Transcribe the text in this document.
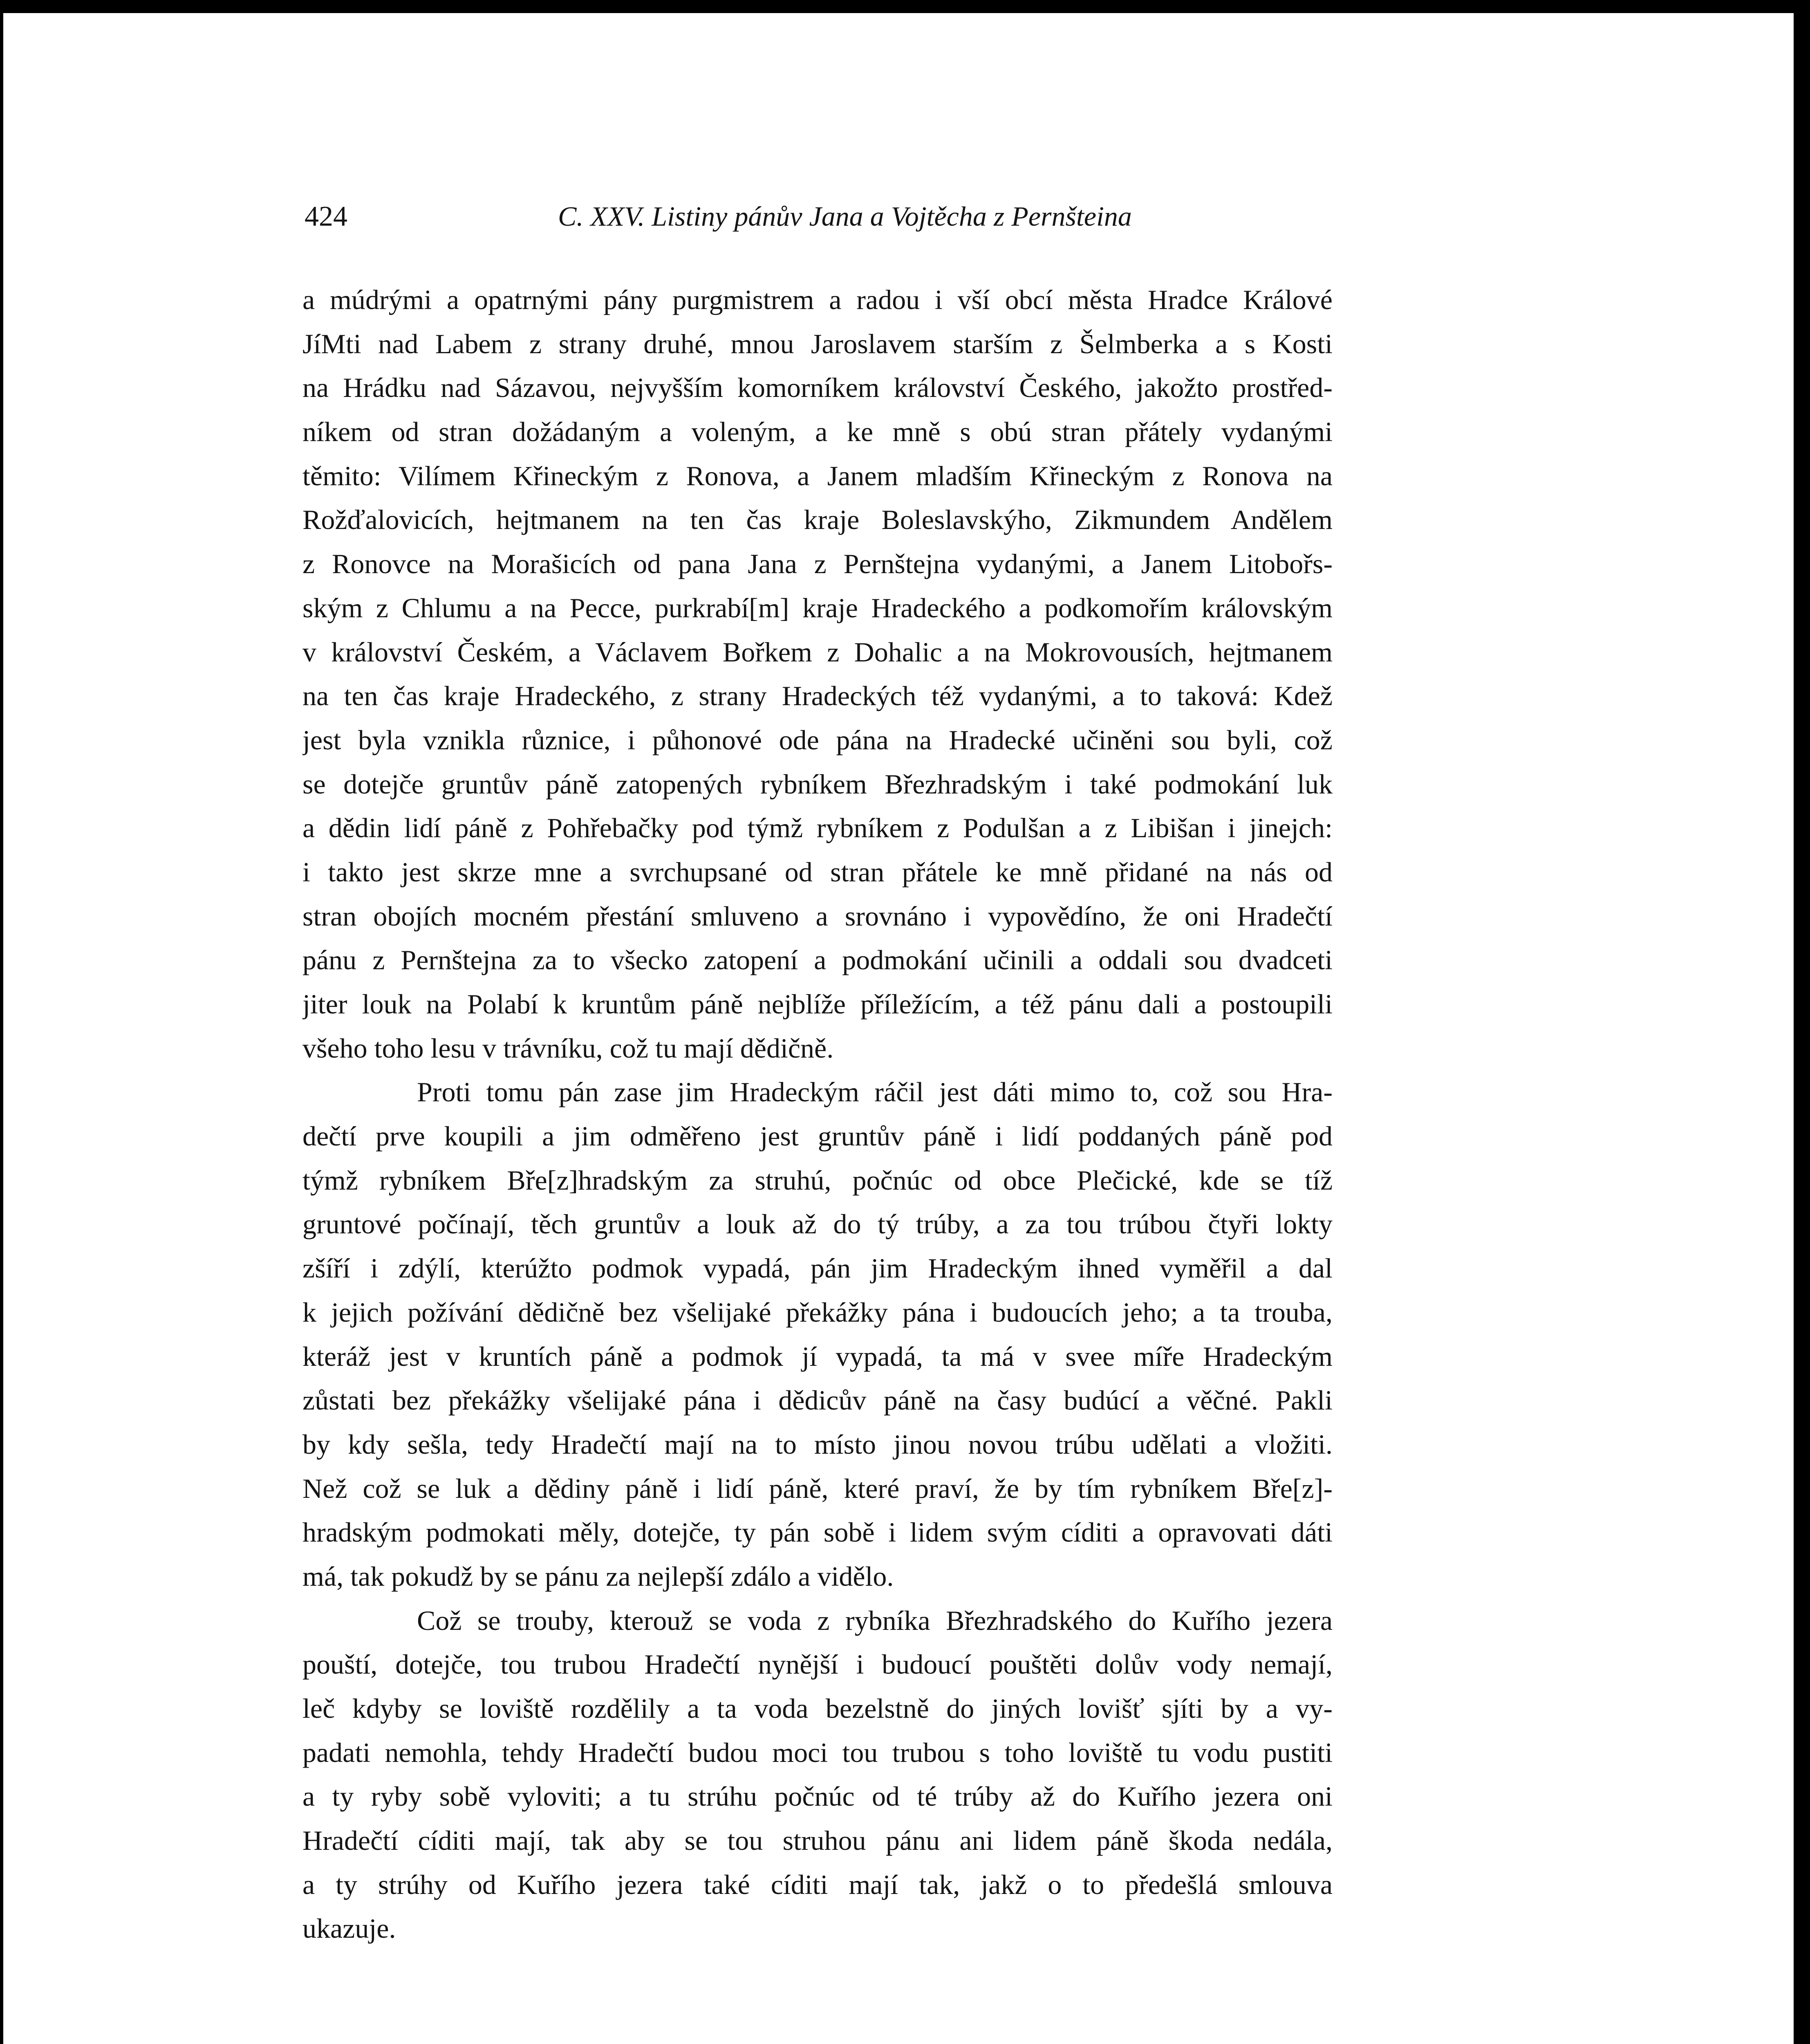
424	C. XXV. Listiny pánův Jana a Vojtěcha z Pernšteina
a múdrými a opatrnými pány purgmistrem a radou i vší obcí města Hradce Králové
JíMti nad Labem z strany druhé, mnou Jaroslavem starším z Šelmberka a s Kosti
na Hrádku nad Sázavou, nejvyšším komorníkem království Českého, jakožto prostřed-
níkem od stran dožádaným a voleným, a ke mně s obú stran přátely vydanými
těmito: Vilímem Křineckým z Ronova, a Janem mladším Křineckým z Ronova na
Rožďalovicích, hejtmanem na ten čas kraje Boleslavskýho, Zikmundem Andělem
z Ronovce na Morašicích od pana Jana z Pernštejna vydanými, a Janem Litobořs-
ským z Chlumu a na Pecce, purkrabí[m] kraje Hradeckého a podkomořím královským
v království Českém, a Václavem Bořkem z Dohalic a na Mokrovousích, hejtmanem
na ten čas kraje Hradeckého, z strany Hradeckých též vydanými, a to taková: Kdež
jest byla vznikla různice, i půhonové ode pána na Hradecké učiněni sou byli, což
se dotejče gruntův páně zatopených rybníkem Březhradským i také podmokání luk
a dědin lidí páně z Pohřebačky pod týmž rybníkem z Podulšan a z Libišan i jinejch:
i takto jest skrze mne a svrchupsané od stran přátele ke mně přidané na nás od
stran obojích mocném přestání smluveno a srovnáno i vypovědíno, že oni Hradečtí
pánu z Pernštejna za to všecko zatopení a podmokání učinili a oddali sou dvadceti
jiter louk na Polabí k kruntům páně nejblíže příležícím, a též pánu dali a postoupili
všeho toho lesu v trávníku, což tu mají dědičně.
Proti tomu pán zase jim Hradeckým ráčil jest dáti mimo to, což sou Hra-
dečtí prve koupili a jim odměřeno jest gruntův páně i lidí poddaných páně pod
týmž rybníkem Bře[z]hradským za struhú, počnúc od obce Plečické, kde se tíž
gruntové počínají, těch gruntův a louk až do tý trúby, a za tou trúbou čtyři lokty
zšíří i zdýlí, kterúžto podmok vypadá, pán jim Hradeckým ihned vyměřil a dal
k jejich požívání dědičně bez všelijaké překážky pána i budoucích jeho; a ta trouba,
kteráž jest v kruntích páně a podmok jí vypadá, ta má v svee míře Hradeckým
zůstati bez překážky všelijaké pána i dědicův páně na časy budúcí a věčné. Pakli
by kdy sešla, tedy Hradečtí mají na to místo jinou novou trúbu udělati a vložiti.
Než což se luk a dědiny páně i lidí páně, které praví, že by tím rybníkem Bře[z]-
hradským podmokati měly, dotejče, ty pán sobě i lidem svým cíditi a opravovati dáti
má, tak pokudž by se pánu za nejlepší zdálo a vidělo.
Což se trouby, kterouž se voda z rybníka Březhradského do Kuřího jezera
pouští, dotejče, tou trubou Hradečtí nynější i budoucí pouštěti dolův vody nemají,
leč kdyby se loviště rozdělily a ta voda bezelstně do jiných lovišť sjíti by a vy-
padati nemohla, tehdy Hradečtí budou moci tou trubou s toho loviště tu vodu pustiti
a ty ryby sobě vyloviti; a tu strúhu počnúc od té trúby až do Kuřího jezera oni
Hradečtí cíditi mají, tak aby se tou struhou pánu ani lidem páně škoda nedála,
a ty strúhy od Kuřího jezera také cíditi mají tak, jakž o to předešlá smlouva
ukazuje.
